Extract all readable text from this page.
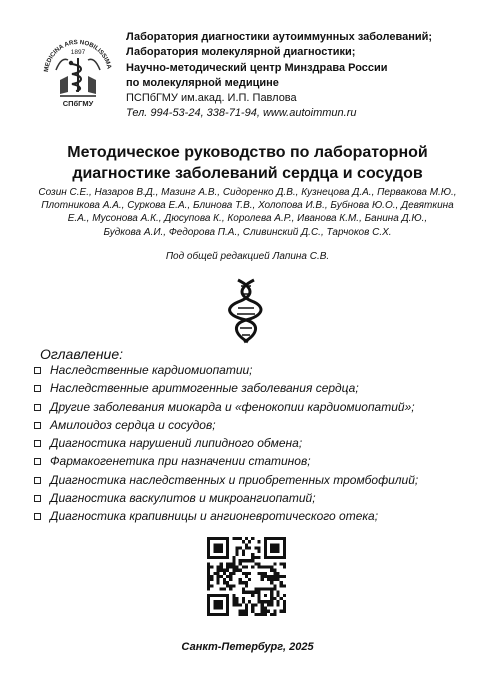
MEDICINA ARS NOBILISSIMA
1897
СПбГМУ
Лаборатория диагностики аутоиммунных заболеваний;
Лаборатория молекулярной диагностики;
Научно-методический центр Минздрава России
по молекулярной медицине
ПСПбГМУ им.акад. И.П. Павлова
Тел. 994-53-24, 338-71-94, www.autoimmun.ru
Методическое руководство по лабораторной
диагностике заболеваний сердца и сосудов
Созин С.Е., Назаров В.Д., Мазинг А.В., Сидоренко Д.В., Кузнецова Д.А., Первакова М.Ю.,
Плотникова А.А., Суркова Е.А., Блинова Т.В., Холопова И.В., Бубнова Ю.О., Девяткина
Е.А., Мусонова А.К., Дюсупова К., Королева А.Р., Иванова К.М., Банина Д.Ю.,
Будкова А.И., Федорова П.А., Сливинский Д.С., Тарчоков С.Х.
Под общей редакцией Лапина С.В.
Оглавление:
Наследственные кардиомиопатии;
Наследственные аритмогенные заболевания сердца;
Другие заболевания миокарда и «фенокопии кардиомиопатий»;
Амилоидоз сердца и сосудов;
Диагностика нарушений липидного обмена;
Фармакогенетика при назначении статинов;
Диагностика наследственных и приобретенных тромбофилий;
Диагностика васкулитов и микроангиопатий;
Диагностика крапивницы и ангионевротического отека;
Санкт-Петербург, 2025
